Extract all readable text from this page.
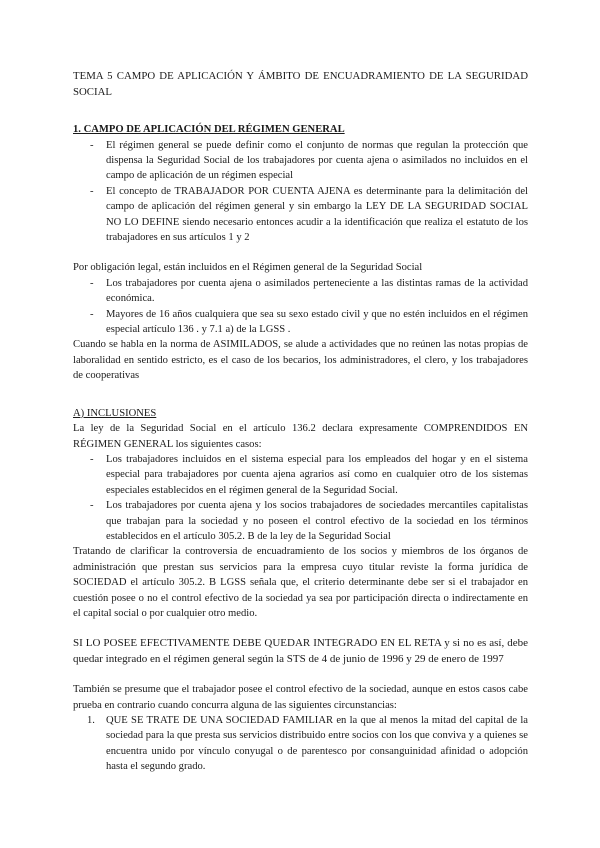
TEMA 5 CAMPO DE APLICACIÓN Y ÁMBITO DE ENCUADRAMIENTO DE LA SEGURIDAD SOCIAL

1. CAMPO DE APLICACIÓN DEL RÉGIMEN GENERAL

- El régimen general se puede definir como el conjunto de normas que regulan la protección que dispensa la Seguridad Social de los trabajadores por cuenta ajena o asimilados no incluidos en el campo de aplicación de un régimen especial
- El concepto de TRABAJADOR POR CUENTA AJENA es determinante para la delimitación del campo de aplicación del régimen general y sin embargo la LEY DE LA SEGURIDAD SOCIAL NO LO DEFINE siendo necesario entonces acudir a la identificación que realiza el estatuto de los trabajadores en sus artículos 1 y 2

Por obligación legal, están incluidos en el Régimen general de la Seguridad Social

- Los trabajadores por cuenta ajena o asimilados perteneciente a las distintas ramas de la actividad económica.
- Mayores de 16 años cualquiera que sea su sexo estado civil y que no estén incluidos en el régimen especial artículo 136 . y 7.1 a) de la LGSS .

Cuando se habla en la norma de ASIMILADOS, se alude a actividades que no reúnen las notas propias de laboralidad en sentido estricto, es el caso de los becarios, los administradores, el clero, y los trabajadores de cooperativas

A) INCLUSIONES

La ley de la Seguridad Social en el artículo 136.2 declara expresamente COMPRENDIDOS EN RÉGIMEN GENERAL los siguientes casos:

- Los trabajadores incluidos en el sistema especial para los empleados del hogar y en el sistema especial para trabajadores por cuenta ajena agrarios así como en cualquier otro de los sistemas especiales establecidos en el régimen general de la Seguridad Social.
- Los trabajadores por cuenta ajena y los socios trabajadores de sociedades mercantiles capitalistas que trabajan para la sociedad y no poseen el control efectivo de la sociedad en los términos establecidos en el artículo 305.2. B de la ley de la Seguridad Social

Tratando de clarificar la controversia de encuadramiento de los socios y miembros de los órganos de administración que prestan sus servicios para la empresa cuyo titular reviste la forma jurídica de SOCIEDAD el artículo 305.2. B LGSS señala que, el criterio determinante debe ser si el trabajador en cuestión posee o no el control efectivo de la sociedad ya sea por participación directa o indirectamente en el capital social o por cualquier otro medio.

SI LO POSEE EFECTIVAMENTE DEBE QUEDAR INTEGRADO EN EL RETA y si no es así, debe quedar integrado en el régimen general según la STS de 4 de junio de 1996 y 29 de enero de 1997

También se presume que el trabajador posee el control efectivo de la sociedad, aunque en estos casos cabe prueba en contrario cuando concurra alguna de las siguientes circunstancias:

1. QUE SE TRATE DE UNA SOCIEDAD FAMILIAR en la que al menos la mitad del capital de la sociedad para la que presta sus servicios distribuido entre socios con los que conviva y a quienes se encuentra unido por vínculo conyugal o de parentesco por consanguinidad afinidad o adopción hasta el segundo grado.
